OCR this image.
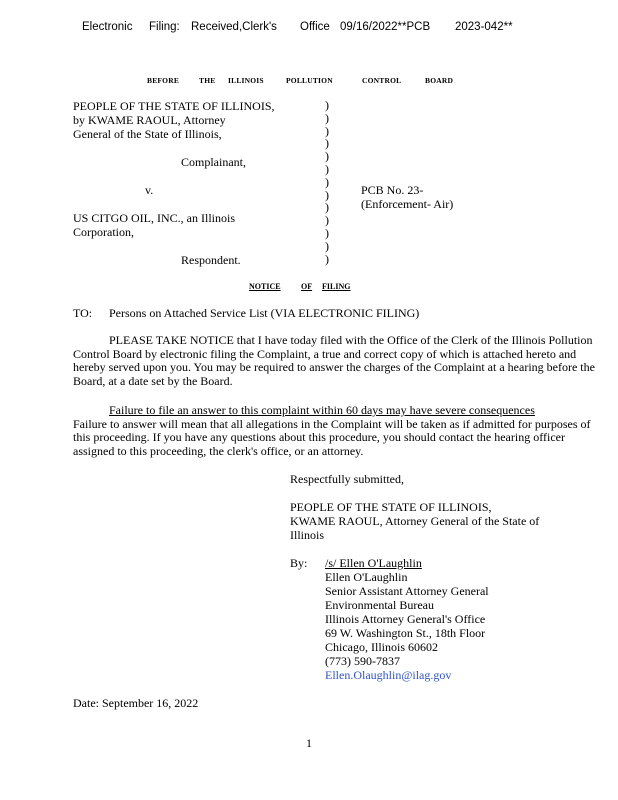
Electronic Filing: Received,Clerk's Office 09/16/2022**PCB 2023-042**
BEFORE	THE ILLINOIS	POLLUTION	CONTROL	BOARD
PEOPLE OF THE STATE OF ILLINOIS,
by KWAME RAOUL, Attorney
General of the State of Illinois,
Complainant,
v.
US CITGO OIL, INC., an Illinois
Corporation,
Respondent.
)
)
)
)
)
)
)
)
)
)
)
)
)
PCB No. 23-
(Enforcement- Air)
NOTICE	OF FILING
TO: Persons on Attached Service List (VIA ELECTRONIC FILING)
PLEASE TAKE NOTICE that I have today filed with the Office of the Clerk of the Illinois Pollution Control Board by electronic filing the Complaint, a true and correct copy of which is attached hereto and hereby served upon you. You may be required to answer the charges of the Complaint at a hearing before the Board, at a date set by the Board.
Failure to file an answer to this complaint within 60 days may have severe consequences
Failure to answer will mean that all allegations in the Complaint will be taken as if admitted for purposes of this proceeding. If you have any questions about this procedure, you should contact the hearing officer assigned to this proceeding, the clerk's office, or an attorney.
Respectfully submitted,
PEOPLE OF THE STATE OF ILLINOIS,
KWAME RAOUL, Attorney General of the State of
Illinois
By: /s/ Ellen O'Laughlin
Ellen O'Laughlin
Senior Assistant Attorney General
Environmental Bureau
Illinois Attorney General's Office
69 W. Washington St., 18th Floor
Chicago, Illinois 60602
(773) 590-7837
Ellen.Olaughlin@ilag.gov
Date: September 16, 2022
1
